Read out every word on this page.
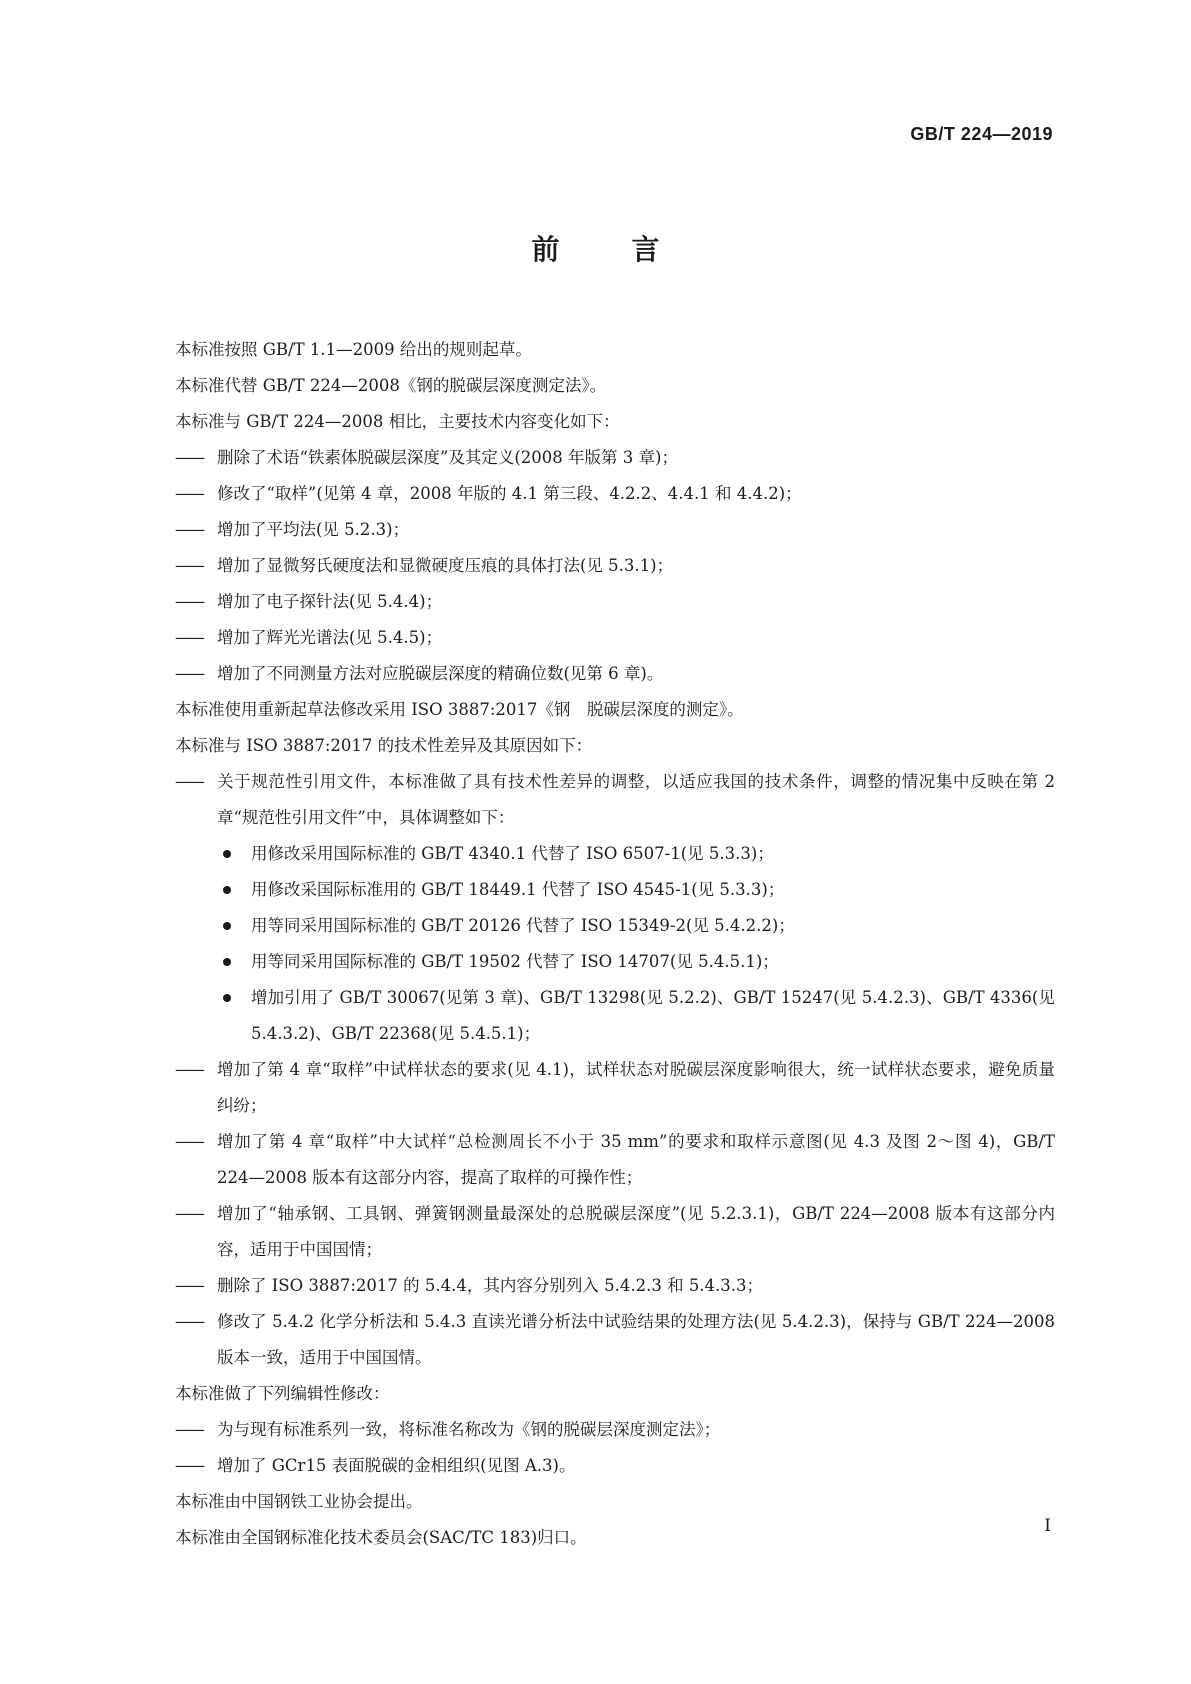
GB/T 224—2019
前　言
本标准按照 GB/T 1.1—2009 给出的规则起草。
本标准代替 GB/T 224—2008《钢的脱碳层深度测定法》。
本标准与 GB/T 224—2008 相比，主要技术内容变化如下：
—— 删除了术语“铁素体脱碳层深度”及其定义(2008 年版第 3 章)；
—— 修改了“取样”(见第 4 章，2008 年版的 4.1 第三段、4.2.2、4.4.1 和 4.4.2)；
—— 增加了平均法(见 5.2.3)；
—— 增加了显微努氏硬度法和显微硬度压痕的具体打法(见 5.3.1)；
—— 增加了电子探针法(见 5.4.4)；
—— 增加了辉光光谱法(见 5.4.5)；
—— 增加了不同测量方法对应脱碳层深度的精确位数(见第 6 章)。
本标准使用重新起草法修改采用 ISO 3887:2017《钢　脱碳层深度的测定》。
本标准与 ISO 3887:2017 的技术性差异及其原因如下：
—— 关于规范性引用文件，本标准做了具有技术性差异的调整，以适应我国的技术条件，调整的情况集中反映在第 2 章“规范性引用文件”中，具体调整如下：
用修改采用国际标准的 GB/T 4340.1 代替了 ISO 6507-1(见 5.3.3)；
用修改采国际标准用的 GB/T 18449.1 代替了 ISO 4545-1(见 5.3.3)；
用等同采用国际标准的 GB/T 20126 代替了 ISO 15349-2(见 5.4.2.2)；
用等同采用国际标准的 GB/T 19502 代替了 ISO 14707(见 5.4.5.1)；
增加引用了 GB/T 30067(见第 3 章)、GB/T 13298(见 5.2.2)、GB/T 15247(见 5.4.2.3)、GB/T 4336(见 5.4.3.2)、GB/T 22368(见 5.4.5.1)；
—— 增加了第 4 章“取样”中试样状态的要求(见 4.1)，试样状态对脱碳层深度影响很大，统一试样状态要求，避免质量纠纷；
—— 增加了第 4 章“取样”中大试样“总检测周长不小于 35 mm”的要求和取样示意图(见 4.3 及图 2～图 4)，GB/T 224—2008 版本有这部分内容，提高了取样的可操作性；
—— 增加了“轴承钢、工具钢、弹簧钢测量最深处的总脱碳层深度”(见 5.2.3.1)，GB/T 224—2008 版本有这部分内容，适用于中国国情；
—— 删除了 ISO 3887:2017 的 5.4.4，其内容分别列入 5.4.2.3 和 5.4.3.3；
—— 修改了 5.4.2 化学分析法和 5.4.3 直读光谱分析法中试验结果的处理方法(见 5.4.2.3)，保持与 GB/T 224—2008 版本一致，适用于中国国情。
本标准做了下列编辑性修改：
—— 为与现有标准系列一致，将标准名称改为《钢的脱碳层深度测定法》；
—— 增加了 GCr15 表面脱碳的金相组织(见图 A.3)。
本标准由中国钢铁工业协会提出。
本标准由全国钢标准化技术委员会(SAC/TC 183)归口。
I
